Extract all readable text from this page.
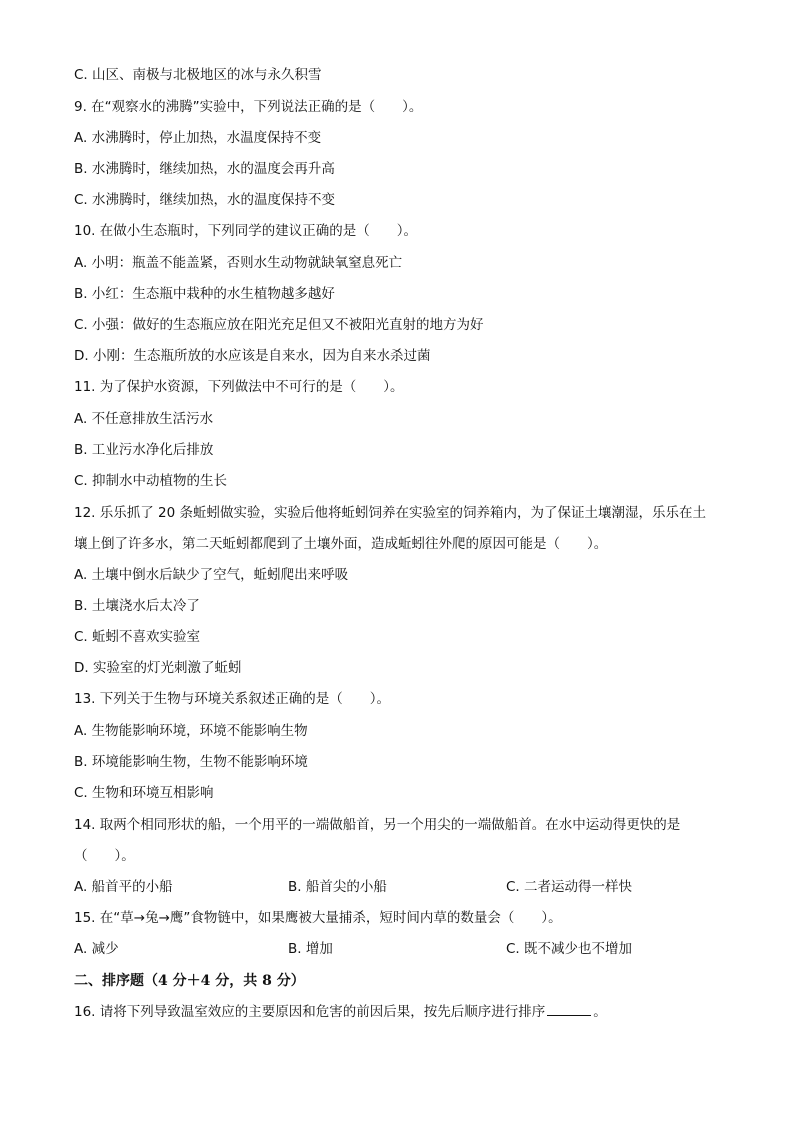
C. 山区、南极与北极地区的冰与永久积雪
9. 在“观察水的沸腾”实验中，下列说法正确的是（　　）。
A. 水沸腾时，停止加热，水温度保持不变
B. 水沸腾时，继续加热，水的温度会再升高
C. 水沸腾时，继续加热，水的温度保持不变
10. 在做小生态瓶时，下列同学的建议正确的是（　　）。
A. 小明：瓶盖不能盖紧，否则水生动物就缺氧窒息死亡
B. 小红：生态瓶中栽种的水生植物越多越好
C. 小强：做好的生态瓶应放在阳光充足但又不被阳光直射的地方为好
D. 小刚：生态瓶所放的水应该是自来水，因为自来水杀过菌
11. 为了保护水资源，下列做法中不可行的是（　　）。
A. 不任意排放生活污水
B. 工业污水净化后排放
C. 抑制水中动植物的生长
12. 乐乐抓了 20 条蚯蚓做实验，实验后他将蚯蚓饲养在实验室的饲养箱内，为了保证土壤潮湿，乐乐在土
壤上倒了许多水，第二天蚯蚓都爬到了土壤外面，造成蚯蚓往外爬的原因可能是（　　）。
A. 土壤中倒水后缺少了空气，蚯蚓爬出来呼吸
B. 土壤浇水后太冷了
C. 蚯蚓不喜欢实验室
D. 实验室的灯光刺激了蚯蚓
13. 下列关于生物与环境关系叙述正确的是（　　）。
A. 生物能影响环境，环境不能影响生物
B. 环境能影响生物，生物不能影响环境
C. 生物和环境互相影响
14. 取两个相同形状的船，一个用平的一端做船首，另一个用尖的一端做船首。在水中运动得更快的是
（　　）。
A. 船首平的小船	B. 船首尖的小船	C. 二者运动得一样快
15. 在“草→兔→鹰”食物链中，如果鹰被大量捕杀，短时间内草的数量会（　　）。
A. 减少	B. 增加	C. 既不减少也不增加
二、排序题（4 分＋4 分，共 8 分）
16. 请将下列导致温室效应的主要原因和危害的前因后果，按先后顺序进行排序	。
